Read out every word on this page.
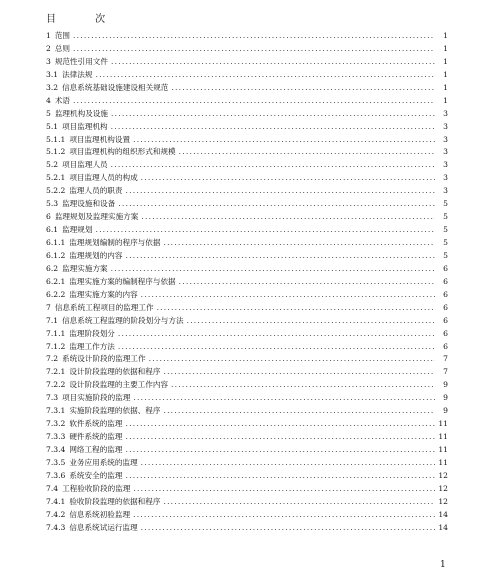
目 次
1 范围 .....	1
2 总则 .....	1
3 规范性引用文件 .....	1
3.1 法律法规 .....	1
3.2 信息系统基础设施建设相关规范 .....	1
4 术语 .....	1
5 监理机构及设施 .....	3
5.1 项目监理机构 .....	3
5.1.1 项目监理机构设置 .....	3
5.1.2 项目监理机构的组织形式和规模 .....	3
5.2 项目监理人员 .....	3
5.2.1 项目监理人员的构成 .....	3
5.2.2 监理人员的职责 .....	3
5.3 监理设施和设备 .....	5
6 监理规划及监理实施方案 .....	5
6.1 监理规划 .....	5
6.1.1 监理规划编制的程序与依据 .....	5
6.1.2 监理规划的内容 .....	5
6.2 监理实施方案 .....	6
6.2.1 监理实施方案的编制程序与依据 .....	6
6.2.2 监理实施方案的内容 .....	6
7 信息系统工程项目的监理工作 .....	6
7.1 信息系统工程监理的阶段划分与方法 .....	6
7.1.1 监理阶段划分 .....	6
7.1.2 监理工作方法 .....	6
7.2 系统设计阶段的监理工作 .....	7
7.2.1 设计阶段监理的依据和程序 .....	7
7.2.2 设计阶段监理的主要工作内容 .....	9
7.3 项目实施阶段的监理 .....	9
7.3.1 实施阶段监理的依据、程序 .....	9
7.3.2 软件系统的监理 .....	11
7.3.3 硬件系统的监理 .....	11
7.3.4 网络工程的监理 .....	11
7.3.5 业务应用系统的监理 .....	11
7.3.6 系统安全的监理 .....	12
7.4 工程验收阶段的监理 .....	12
7.4.1 验收阶段监理的依据和程序 .....	12
7.4.2 信息系统初验监理 .....	14
7.4.3 信息系统试运行监理 .....	14
1
